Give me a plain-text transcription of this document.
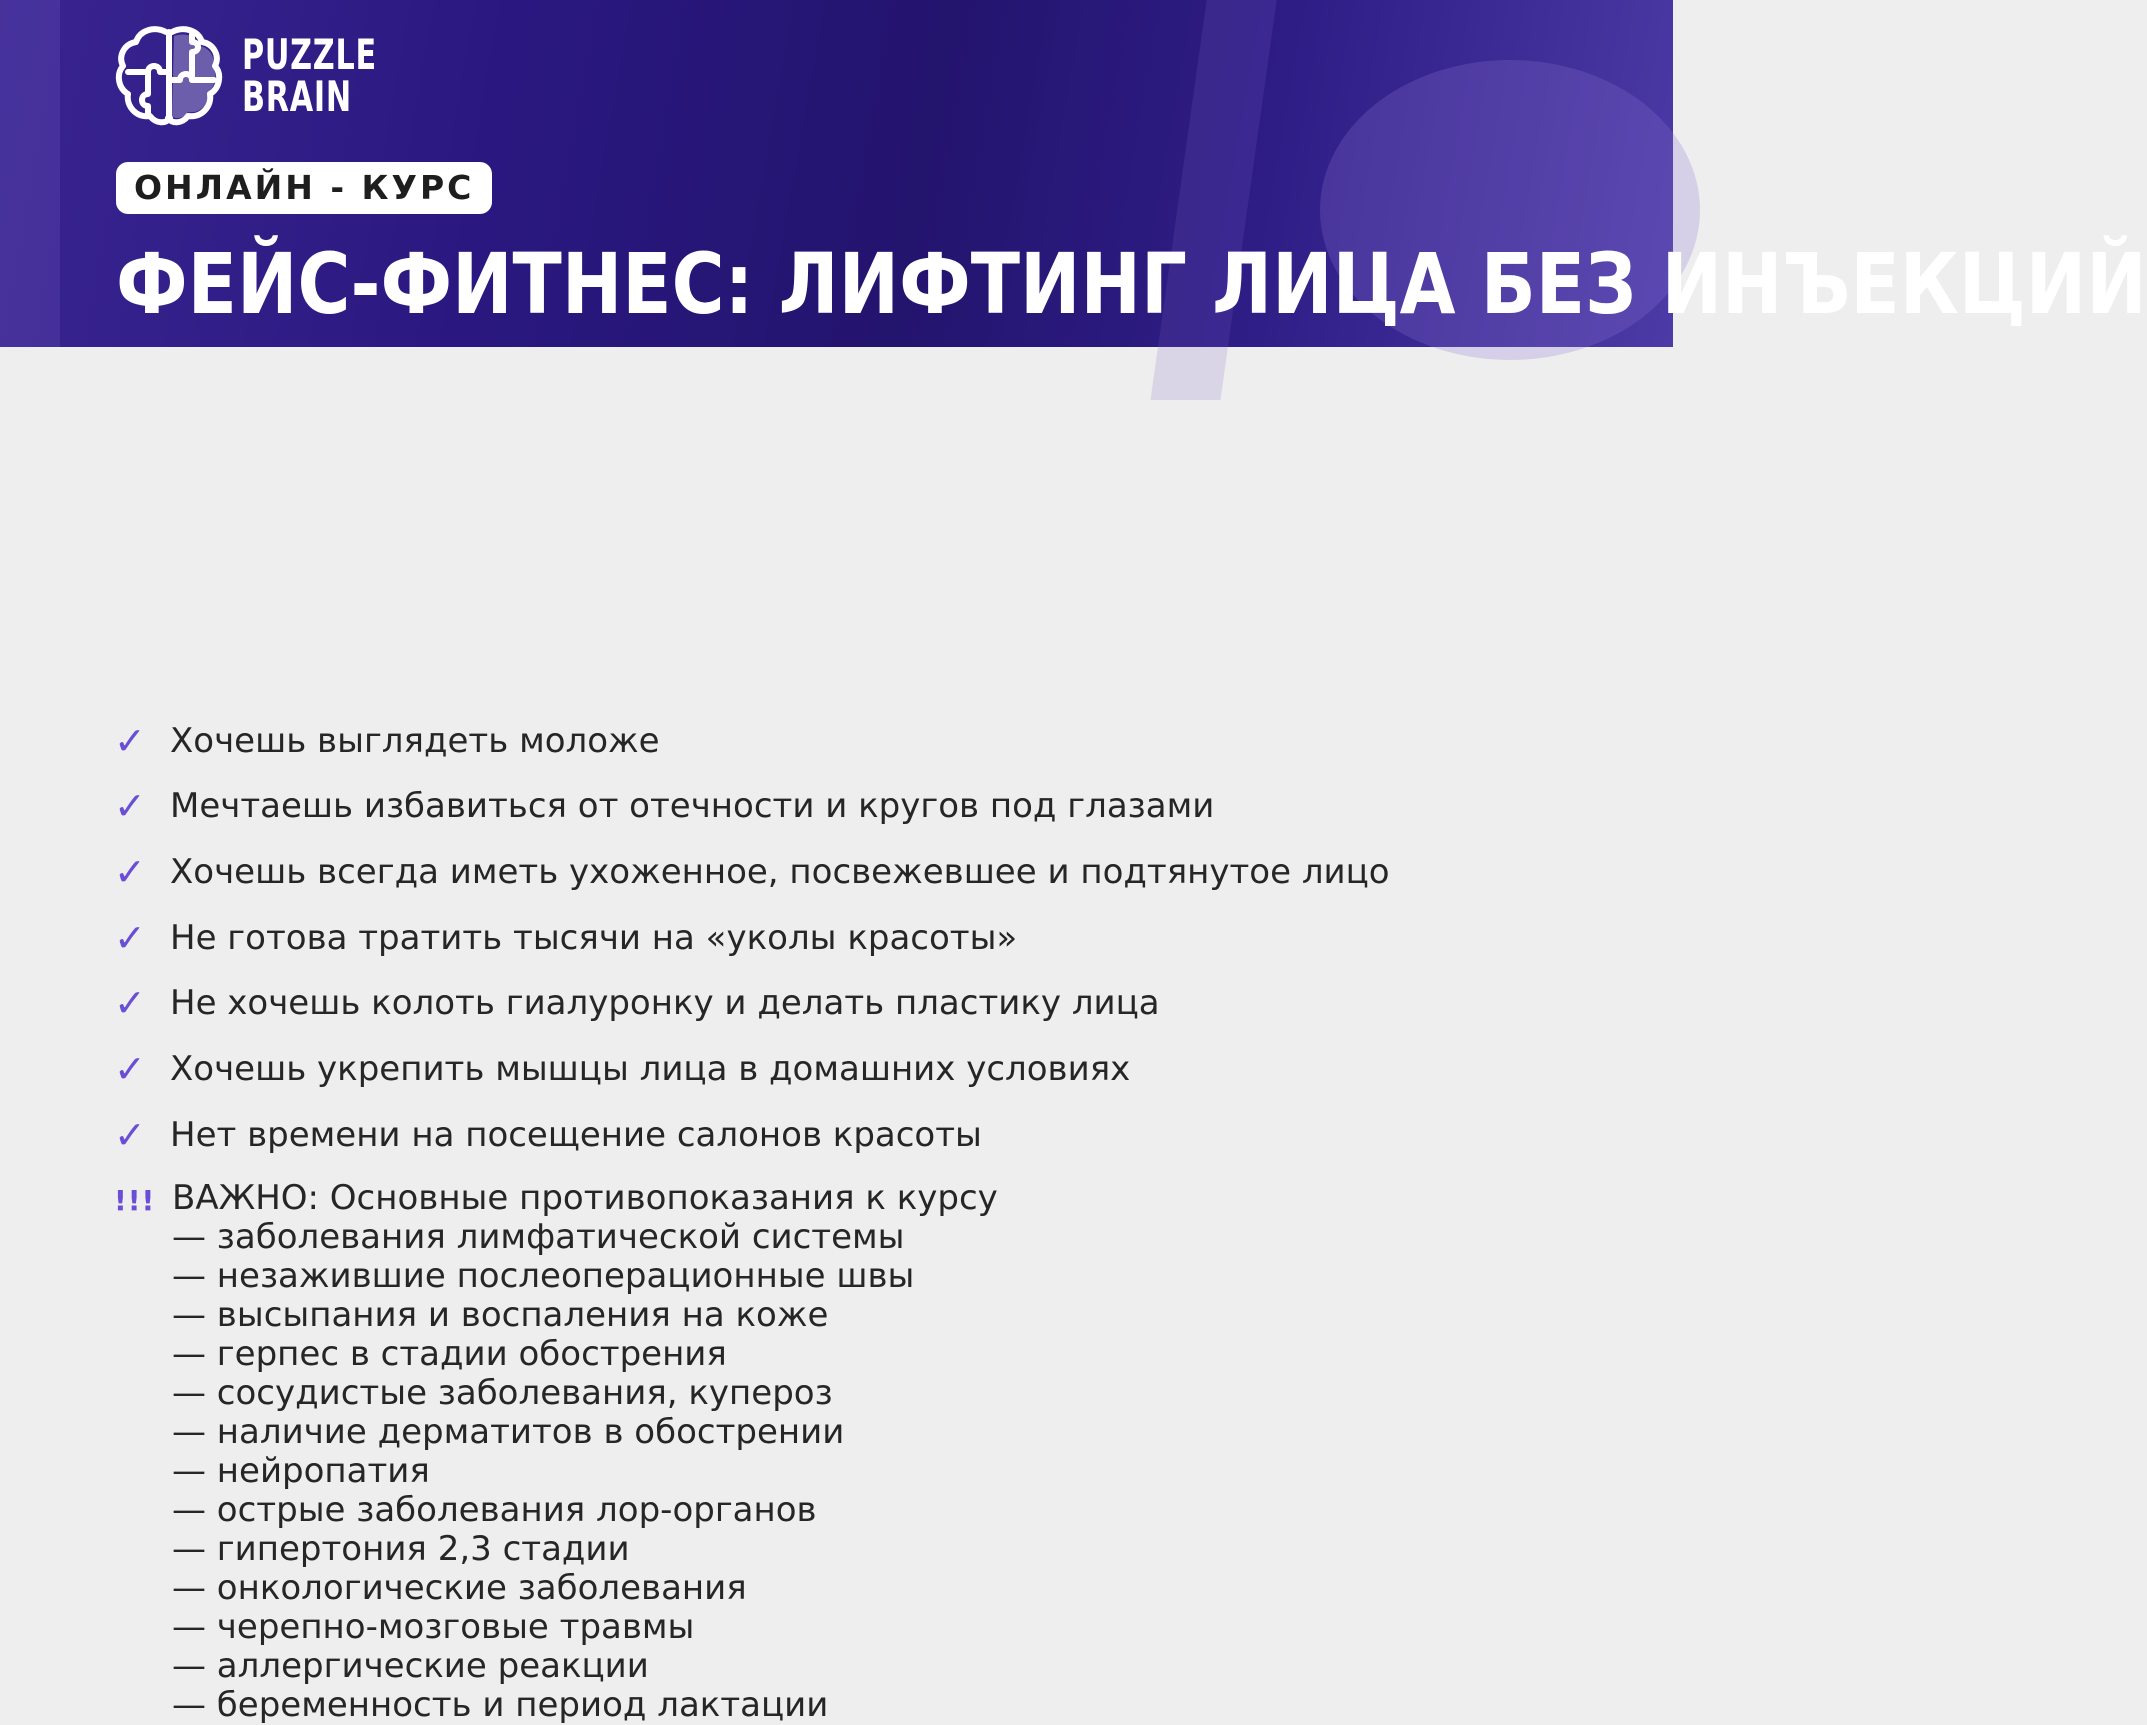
PUZZLE
BRAIN
ОНЛАЙН - КУРС
ФЕЙС-ФИТНЕС: ЛИФТИНГ ЛИЦА БЕЗ ИНЪЕКЦИЙ
✓ Хочешь выглядеть моложе
✓ Мечтаешь избавиться от отечности и кругов под глазами
✓ Хочешь всегда иметь ухоженное, посвежевшее и подтянутое лицо
✓ Не готова тратить тысячи на «уколы красоты»
✓ Не хочешь колоть гиалуронку и делать пластику лица
✓ Хочешь укрепить мышцы лица в домашних условиях
✓ Нет времени на посещение салонов красоты
!!! ВАЖНО: Основные противопоказания к курсу
— заболевания лимфатической системы
— незажившие послеоперационные швы
— высыпания и воспаления на коже
— герпес в стадии обострения
— сосудистые заболевания, купероз
— наличие дерматитов в обострении
— нейропатия
— острые заболевания лор-органов
— гипертония 2,3 стадии
— онкологические заболевания
— черепно-мозговые травмы
— аллергические реакции
— беременность и период лактации
